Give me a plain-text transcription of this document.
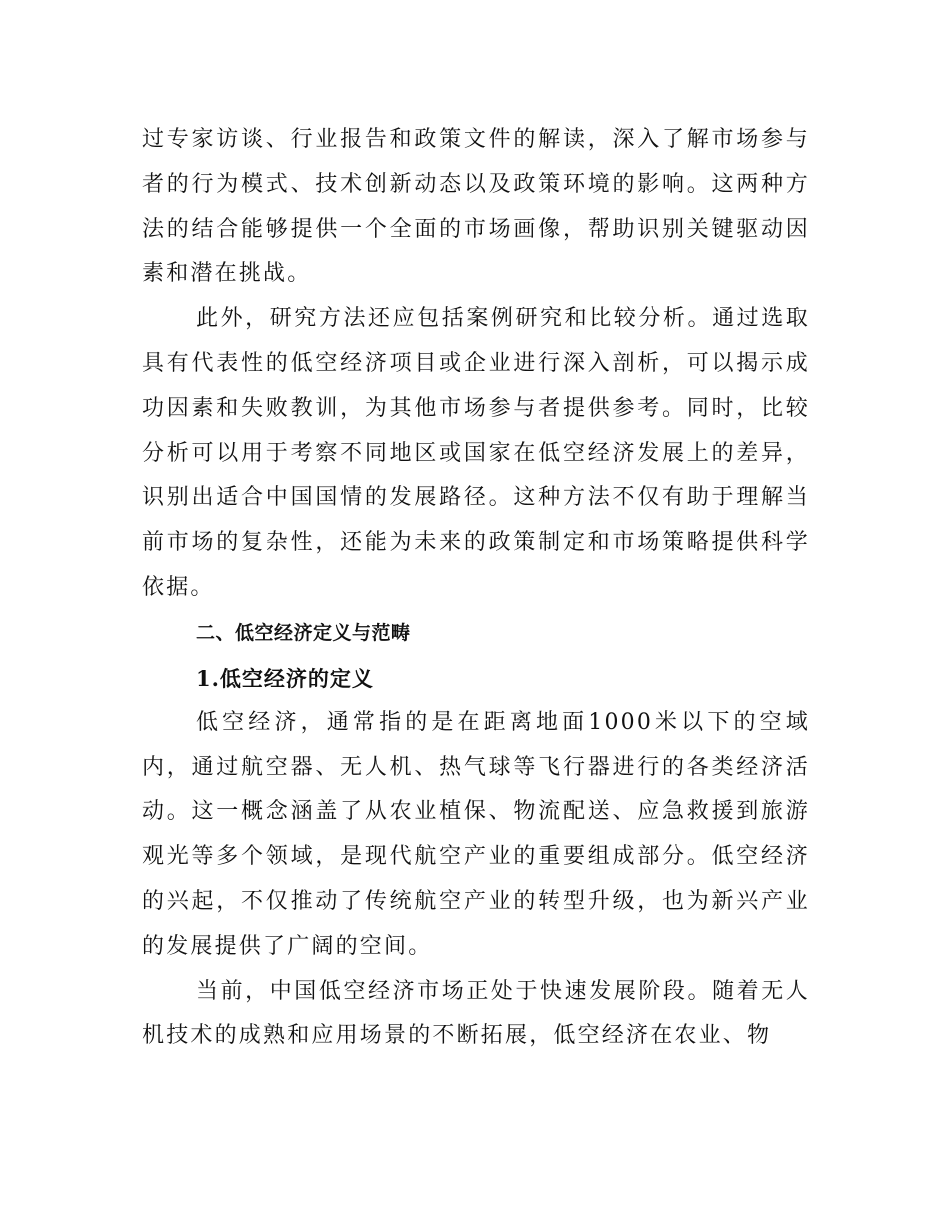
过专家访谈、行业报告和政策文件的解读，深入了解市场参与者的行为模式、技术创新动态以及政策环境的影响。这两种方法的结合能够提供一个全面的市场画像，帮助识别关键驱动因素和潜在挑战。

此外，研究方法还应包括案例研究和比较分析。通过选取具有代表性的低空经济项目或企业进行深入剖析，可以揭示成功因素和失败教训，为其他市场参与者提供参考。同时，比较分析可以用于考察不同地区或国家在低空经济发展上的差异，识别出适合中国国情的发展路径。这种方法不仅有助于理解当前市场的复杂性，还能为未来的政策制定和市场策略提供科学依据。

二、低空经济定义与范畴
1.低空经济的定义

低空经济，通常指的是在距离地面1000米以下的空域内，通过航空器、无人机、热气球等飞行器进行的各类经济活动。这一概念涵盖了从农业植保、物流配送、应急救援到旅游观光等多个领域，是现代航空产业的重要组成部分。低空经济的兴起，不仅推动了传统航空产业的转型升级，也为新兴产业的发展提供了广阔的空间。

当前，中国低空经济市场正处于快速发展阶段。随着无人机技术的成熟和应用场景的不断拓展，低空经济在农业、物
